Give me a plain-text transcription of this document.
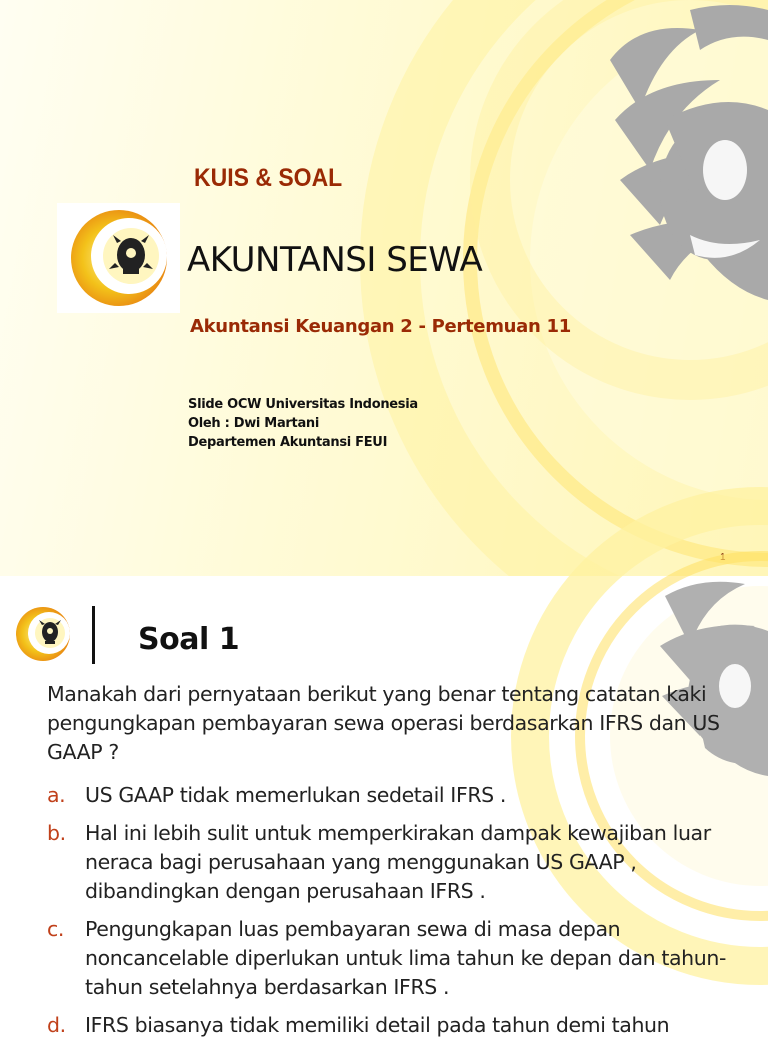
KUIS & SOAL
AKUNTANSI SEWA
Akuntansi Keuangan 2 - Pertemuan 11
Slide OCW Universitas Indonesia
Oleh : Dwi Martani
Departemen Akuntansi FEUI
1
Soal 1
Manakah dari pernyataan berikut yang benar tentang catatan kaki pengungkapan pembayaran sewa operasi berdasarkan IFRS dan US GAAP ?
a. US GAAP tidak memerlukan sedetail IFRS .
b. Hal ini lebih sulit untuk memperkirakan dampak kewajiban luar neraca bagi perusahaan yang menggunakan US GAAP , dibandingkan dengan perusahaan IFRS .
c. Pengungkapan luas pembayaran sewa di masa depan noncancelable diperlukan untuk lima tahun ke depan dan tahun-tahun setelahnya berdasarkan IFRS .
d. IFRS biasanya tidak memiliki detail pada tahun demi tahun
